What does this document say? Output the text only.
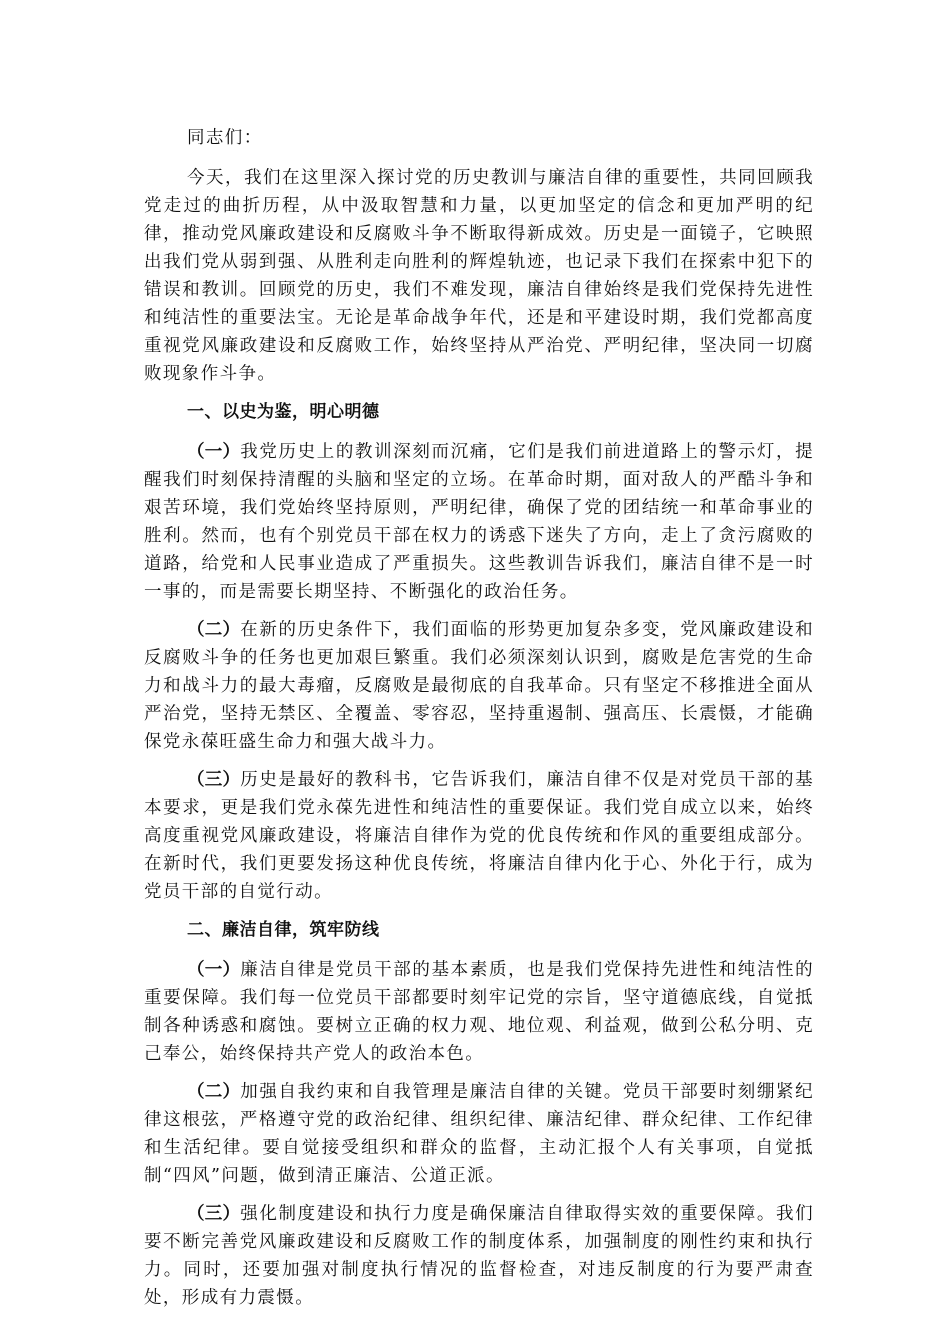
同志们：

今天，我们在这里深入探讨党的历史教训与廉洁自律的重要性，共同回顾我党走过的曲折历程，从中汲取智慧和力量，以更加坚定的信念和更加严明的纪律，推动党风廉政建设和反腐败斗争不断取得新成效。历史是一面镜子，它映照出我们党从弱到强、从胜利走向胜利的辉煌轨迹，也记录下我们在探索中犯下的错误和教训。回顾党的历史，我们不难发现，廉洁自律始终是我们党保持先进性和纯洁性的重要法宝。无论是革命战争年代，还是和平建设时期，我们党都高度重视党风廉政建设和反腐败工作，始终坚持从严治党、严明纪律，坚决同一切腐败现象作斗争。

一、以史为鉴，明心明德

（一）我党历史上的教训深刻而沉痛，它们是我们前进道路上的警示灯，提醒我们时刻保持清醒的头脑和坚定的立场。在革命时期，面对敌人的严酷斗争和艰苦环境，我们党始终坚持原则，严明纪律，确保了党的团结统一和革命事业的胜利。然而，也有个别党员干部在权力的诱惑下迷失了方向，走上了贪污腐败的道路，给党和人民事业造成了严重损失。这些教训告诉我们，廉洁自律不是一时一事的，而是需要长期坚持、不断强化的政治任务。

（二）在新的历史条件下，我们面临的形势更加复杂多变，党风廉政建设和反腐败斗争的任务也更加艰巨繁重。我们必须深刻认识到，腐败是危害党的生命力和战斗力的最大毒瘤，反腐败是最彻底的自我革命。只有坚定不移推进全面从严治党，坚持无禁区、全覆盖、零容忍，坚持重遏制、强高压、长震慑，才能确保党永葆旺盛生命力和强大战斗力。

（三）历史是最好的教科书，它告诉我们，廉洁自律不仅是对党员干部的基本要求，更是我们党永葆先进性和纯洁性的重要保证。我们党自成立以来，始终高度重视党风廉政建设，将廉洁自律作为党的优良传统和作风的重要组成部分。在新时代，我们更要发扬这种优良传统，将廉洁自律内化于心、外化于行，成为党员干部的自觉行动。

二、廉洁自律，筑牢防线

（一）廉洁自律是党员干部的基本素质，也是我们党保持先进性和纯洁性的重要保障。我们每一位党员干部都要时刻牢记党的宗旨，坚守道德底线，自觉抵制各种诱惑和腐蚀。要树立正确的权力观、地位观、利益观，做到公私分明、克己奉公，始终保持共产党人的政治本色。

（二）加强自我约束和自我管理是廉洁自律的关键。党员干部要时刻绷紧纪律这根弦，严格遵守党的政治纪律、组织纪律、廉洁纪律、群众纪律、工作纪律和生活纪律。要自觉接受组织和群众的监督，主动汇报个人有关事项，自觉抵制“四风”问题，做到清正廉洁、公道正派。

（三）强化制度建设和执行力度是确保廉洁自律取得实效的重要保障。我们要不断完善党风廉政建设和反腐败工作的制度体系，加强制度的刚性约束和执行力。同时，还要加强对制度执行情况的监督检查，对违反制度的行为要严肃查处，形成有力震慑。
